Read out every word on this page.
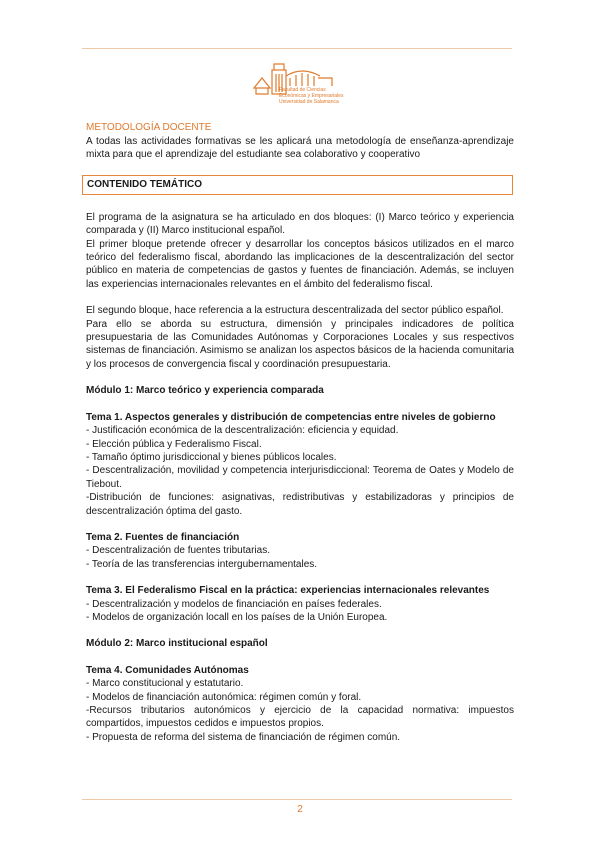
Facultad de Ciencias
Económicas y Empresariales
Universidad de Salamanca
METODOLOGÍA DOCENTE

A todas las actividades formativas se les aplicará una metodología de enseñanza-aprendizaje mixta para que el aprendizaje del estudiante sea colaborativo y cooperativo

CONTENIDO TEMÁTICO

El programa de la asignatura se ha articulado en dos bloques: (I) Marco teórico y experiencia comparada y (II) Marco institucional español.

El primer bloque pretende ofrecer y desarrollar los conceptos básicos utilizados en el marco teórico del federalismo fiscal, abordando las implicaciones de la descentralización del sector público en materia de competencias de gastos y fuentes de financiación. Además, se incluyen las experiencias internacionales relevantes en el ámbito del federalismo fiscal.

El segundo bloque, hace referencia a la estructura descentralizada del sector público español.

Para ello se aborda su estructura, dimensión y principales indicadores de política presupuestaria de las Comunidades Autónomas y Corporaciones Locales y sus respectivos sistemas de financiación. Asimismo se analizan los aspectos básicos de la hacienda comunitaria y los procesos de convergencia fiscal y coordinación presupuestaria.

Módulo 1: Marco teórico y experiencia comparada

Tema 1. Aspectos generales y distribución de competencias entre niveles de gobierno

- Justificación económica de la descentralización: eficiencia y equidad.
- Elección pública y Federalismo Fiscal.
- Tamaño óptimo jurisdiccional y bienes públicos locales.
- Descentralización, movilidad y competencia interjurisdiccional: Teorema de Oates y Modelo de Tiebout.
-Distribución de funciones: asignativas, redistributivas y estabilizadoras y principios de descentralización óptima del gasto.

Tema 2. Fuentes de financiación

- Descentralización de fuentes tributarias.
- Teoría de las transferencias intergubernamentales.

Tema 3. El Federalismo Fiscal en la práctica: experiencias internacionales relevantes

- Descentralización y modelos de financiación en países federales.
- Modelos de organización locall en los países de la Unión Europea.

Módulo 2: Marco institucional español

Tema 4. Comunidades Autónomas

- Marco constitucional y estatutario.
- Modelos de financiación autonómica: régimen común y foral.
-Recursos tributarios autonómicos y ejercicio de la capacidad normativa: impuestos compartidos, impuestos cedidos e impuestos propios.
- Propuesta de reforma del sistema de financiación de régimen común.
2
